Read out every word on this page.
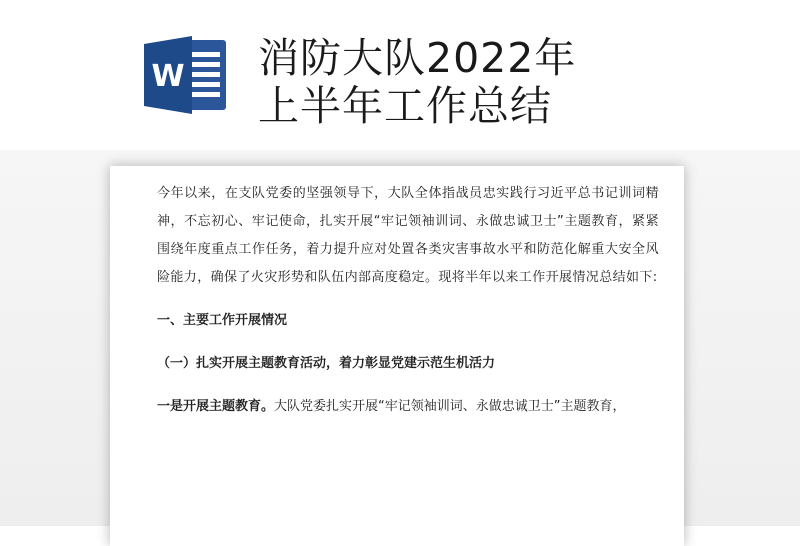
W 消防大队2022年
上半年工作总结

今年以来，在支队党委的坚强领导下，大队全体指战员忠实践行习近平总书记训词精神，不忘初心、牢记使命，扎实开展“牢记领袖训词、永做忠诚卫士”主题教育，紧紧围绕年度重点工作任务，着力提升应对处置各类灾害事故水平和防范化解重大安全风险能力，确保了火灾形势和队伍内部高度稳定。现将半年以来工作开展情况总结如下:

一、主要工作开展情况

（一）扎实开展主题教育活动，着力彰显党建示范生机活力

一是开展主题教育。大队党委扎实开展“牢记领袖训词、永做忠诚卫士”主题教育，
